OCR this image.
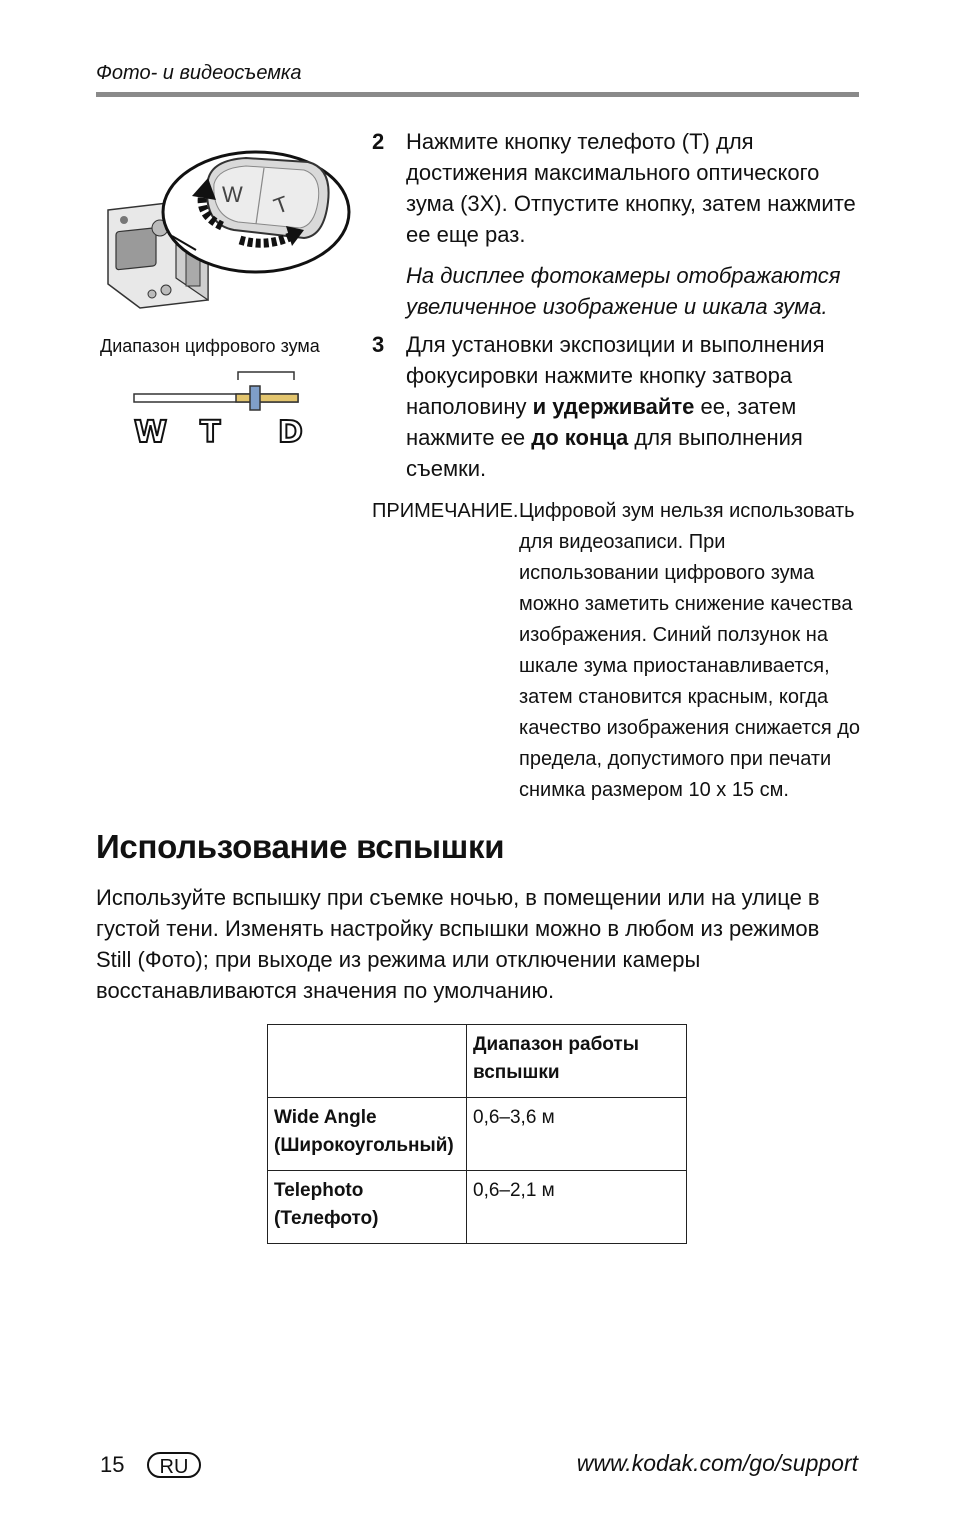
Фото- и видеосъемка
W T
Диапазон цифрового зума
W T D
2 Нажмите кнопку телефото (T) для достижения максимального оптического зума (3X). Отпустите кнопку, затем нажмите ее еще раз.
На дисплее фотокамеры отображаются увеличенное изображение и шкала зума.
3 Для установки экспозиции и выполнения фокусировки нажмите кнопку затвора наполовину и удерживайте ее, затем нажмите ее до конца для выполнения съемки.
ПРИМЕЧАНИЕ. Цифровой зум нельзя использовать для видеозаписи. При использовании цифрового зума можно заметить снижение качества изображения. Синий ползунок на шкале зума приостанавливается, затем становится красным, когда качество изображения снижается до предела, допустимого при печати снимка размером 10 x 15 см.
Использование вспышки
Используйте вспышку при съемке ночью, в помещении или на улице в густой тени. Изменять настройку вспышки можно в любом из режимов Still (Фото); при выходе из режима или отключении камеры восстанавливаются значения по умолчанию.
	Диапазон работы вспышки
Wide Angle (Широкоугольный)	0,6–3,6 м
Telephoto (Телефото)	0,6–2,1 м
15	RU	www.kodak.com/go/support
